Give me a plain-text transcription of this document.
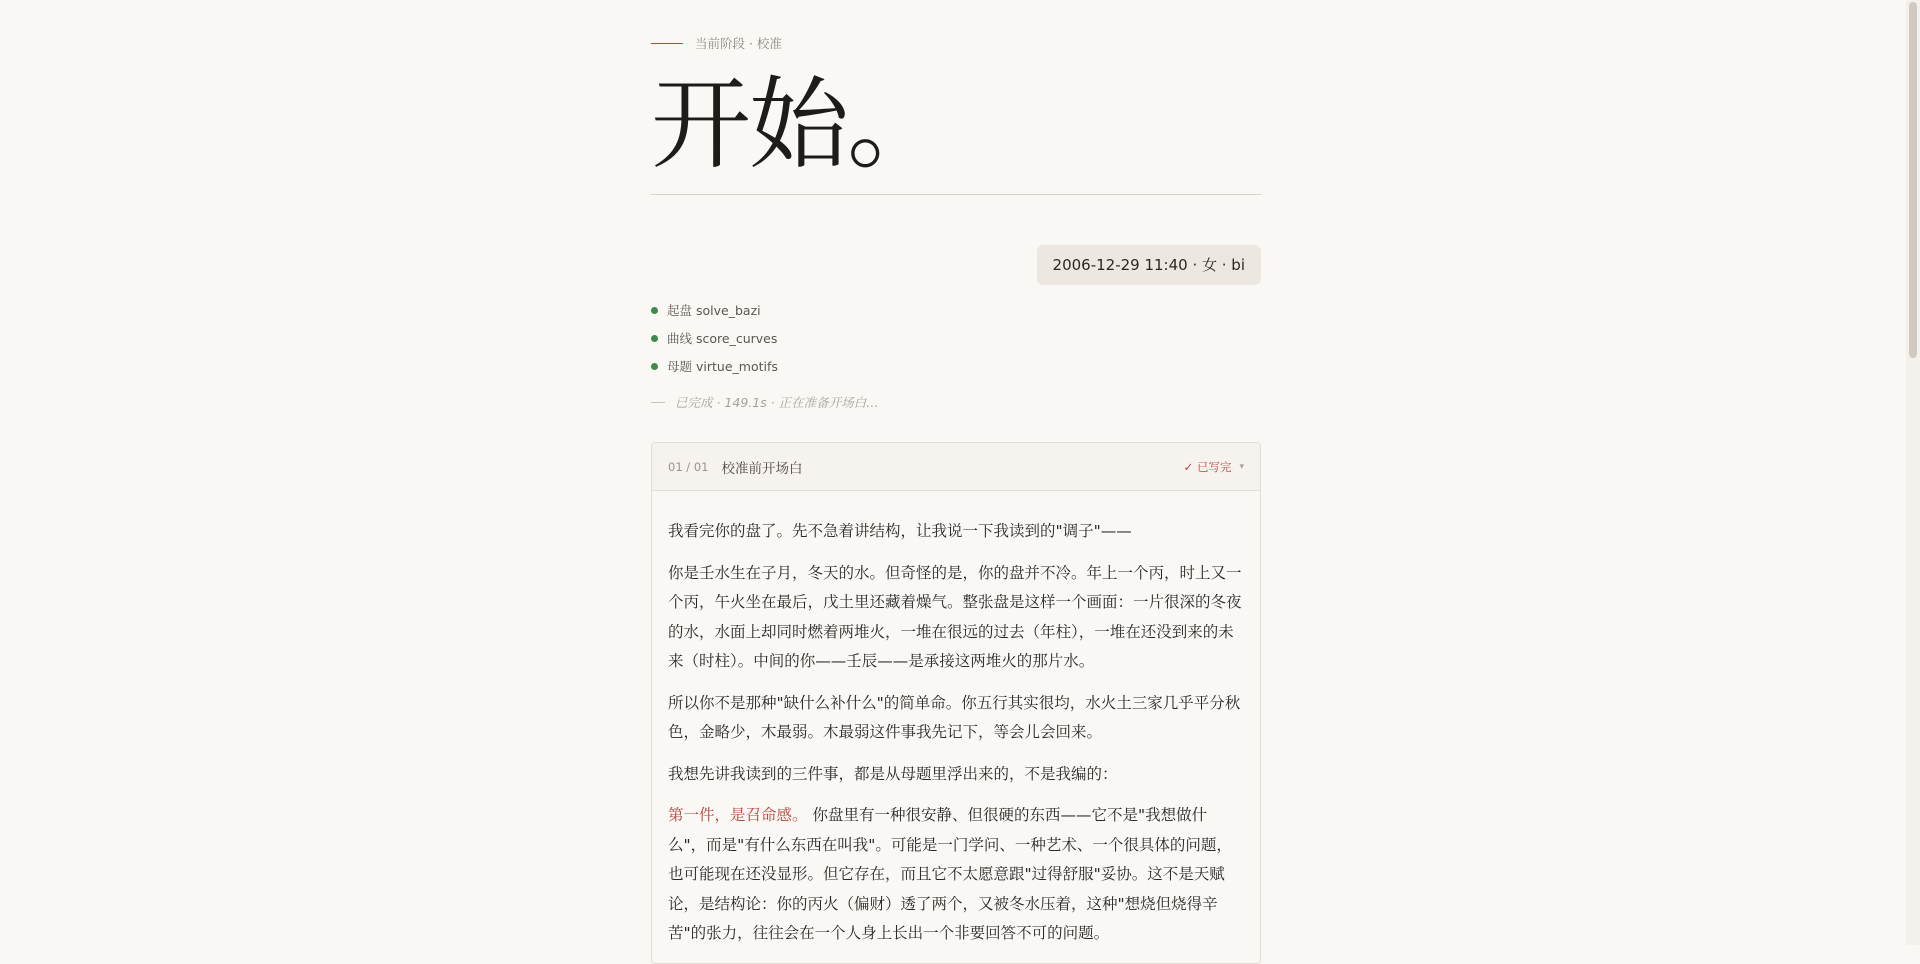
当前阶段 · 校准
开始。
2006-12-29 11:40 · 女 · bi
起盘 solve_bazi
曲线 score_curves
母题 virtue_motifs
已完成 · 149.1s · 正在准备开场白…
01 / 01 校准前开场白	✓ 已写完 ▾

我看完你的盘了。先不急着讲结构，让我说一下我读到的"调子"——

你是壬水生在子月，冬天的水。但奇怪的是，你的盘并不冷。年上一个丙，时上又一个丙，午火坐在最后，戊土里还藏着燥气。整张盘是这样一个画面：一片很深的冬夜的水，水面上却同时燃着两堆火，一堆在很远的过去（年柱），一堆在还没到来的未来（时柱）。中间的你——壬辰——是承接这两堆火的那片水。

所以你不是那种"缺什么补什么"的简单命。你五行其实很均，水火土三家几乎平分秋色，金略少，木最弱。木最弱这件事我先记下，等会儿会回来。

我想先讲我读到的三件事，都是从母题里浮出来的，不是我编的：

第一件，是召命感。 你盘里有一种很安静、但很硬的东西——它不是"我想做什么"，而是"有什么东西在叫我"。可能是一门学问、一种艺术、一个很具体的问题，也可能现在还没显形。但它存在，而且它不太愿意跟"过得舒服"妥协。这不是天赋论，是结构论：你的丙火（偏财）透了两个，又被冬水压着，这种"想烧但烧得辛苦"的张力，往往会在一个人身上长出一个非要回答不可的问题。
